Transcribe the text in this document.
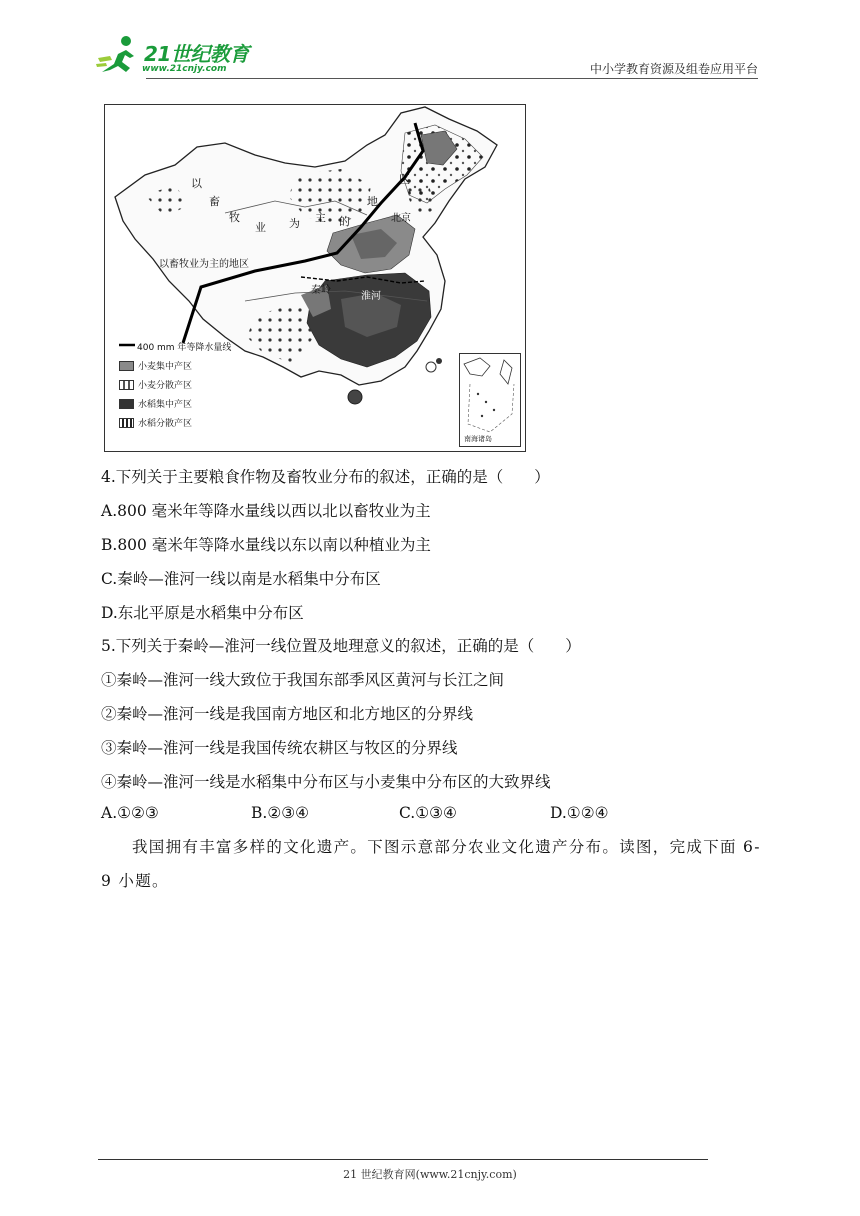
21世纪教育
www.21cnjy.com	中小学教育资源及组卷应用平台
以
畜
牧
业 为 主 的
地
区
北京
以畜牧业为主的地区
秦岭
淮河
400 mm 年等降水量线
小麦集中产区
小麦分散产区
水稻集中产区
水稻分散产区
南海诸岛
4.下列关于主要粮食作物及畜牧业分布的叙述，正确的是（　　）
A.800 毫米年等降水量线以西以北以畜牧业为主
B.800 毫米年等降水量线以东以南以种植业为主
C.秦岭—淮河一线以南是水稻集中分布区
D.东北平原是水稻集中分布区
5.下列关于秦岭—淮河一线位置及地理意义的叙述，正确的是（　　）
①秦岭—淮河一线大致位于我国东部季风区黄河与长江之间
②秦岭—淮河一线是我国南方地区和北方地区的分界线
③秦岭—淮河一线是我国传统农耕区与牧区的分界线
④秦岭—淮河一线是水稻集中分布区与小麦集中分布区的大致界线
A.①②③	B.②③④	C.①③④	D.①②④
我国拥有丰富多样的文化遗产。下图示意部分农业文化遗产分布。读图，完成下面 6-9 小题。
21 世纪教育网(www.21cnjy.com)
